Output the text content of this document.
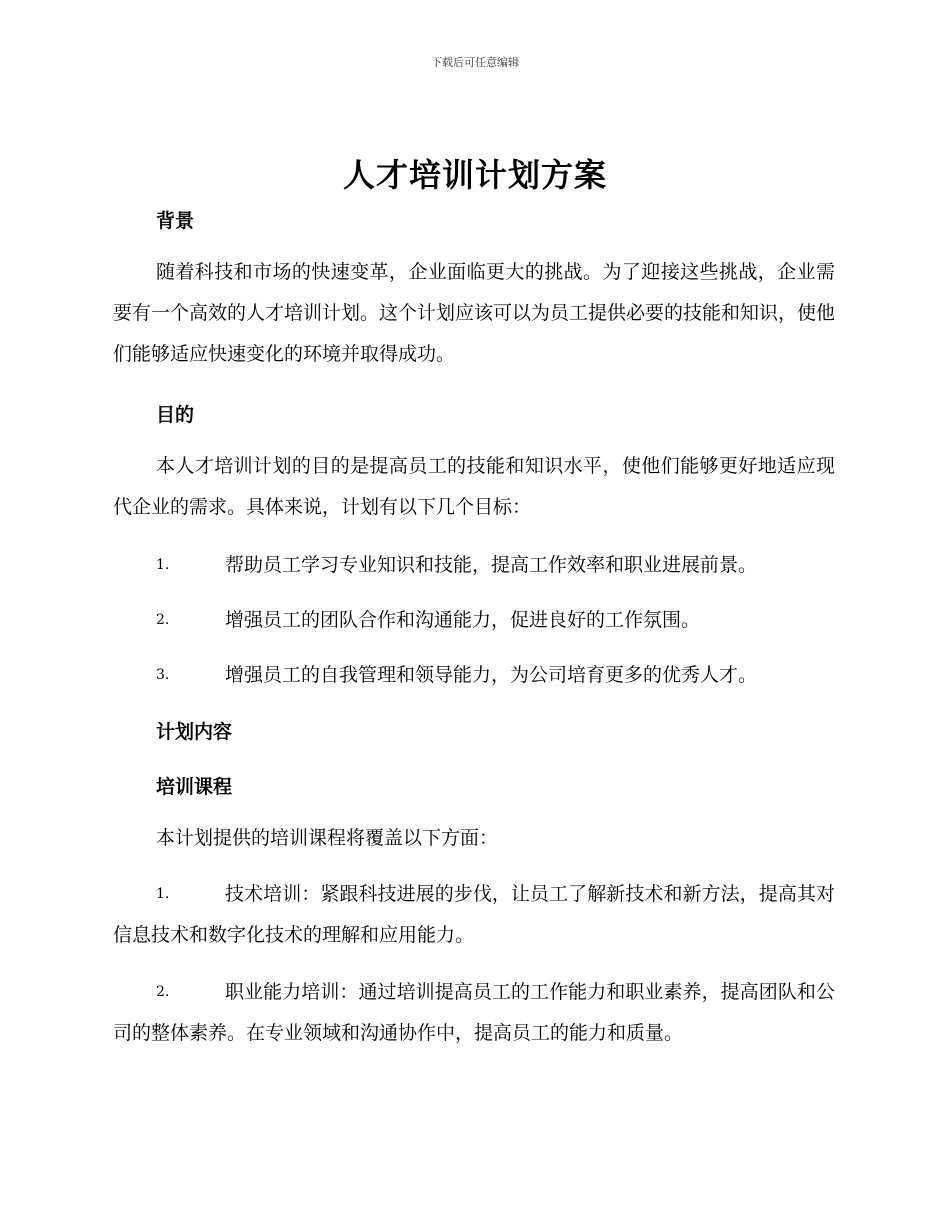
下载后可任意编辑
人才培训计划方案
背景
随着科技和市场的快速变革，企业面临更大的挑战。为了迎接这些挑战，企业需要有一个高效的人才培训计划。这个计划应该可以为员工提供必要的技能和知识，使他们能够适应快速变化的环境并取得成功。
目的
本人才培训计划的目的是提高员工的技能和知识水平，使他们能够更好地适应现代企业的需求。具体来说，计划有以下几个目标：
1.	帮助员工学习专业知识和技能，提高工作效率和职业进展前景。
2.	增强员工的团队合作和沟通能力，促进良好的工作氛围。
3.	增强员工的自我管理和领导能力，为公司培育更多的优秀人才。
计划内容
培训课程
本计划提供的培训课程将覆盖以下方面：
1.	技术培训：紧跟科技进展的步伐，让员工了解新技术和新方法，提高其对信息技术和数字化技术的理解和应用能力。
2.	职业能力培训：通过培训提高员工的工作能力和职业素养，提高团队和公司的整体素养。在专业领域和沟通协作中，提高员工的能力和质量。
